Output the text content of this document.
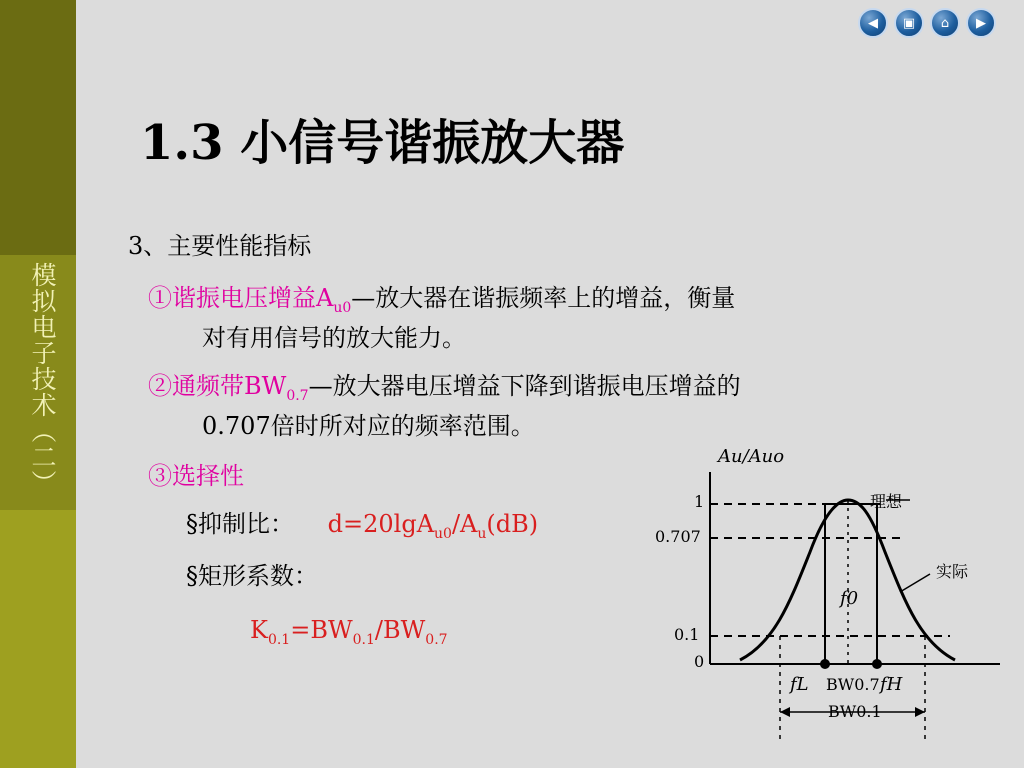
模拟电子技术（二）
◀	▣	⌂	▶
1.3 小信号谐振放大器
3、主要性能指标
①谐振电压增益$A_{u0}—$放大器在谐振频率上的增益，衡量
对有用信号的放大能力。
②通频带$BW_{0.7}—$放大器电压增益下降到谐振电压增益的
0.707倍时所对应的频率范围。
③选择性
§抑制比： $d=20\lg A_{u0}/A_u(dB)$
§矩形系数：
$K_{0.1}=BW_{0.1}/BW_{0.7}$
Au/Auo
1
0.707
0.1
0
理想
实际
f0
fL	fH
BW0.7
BW0.1
